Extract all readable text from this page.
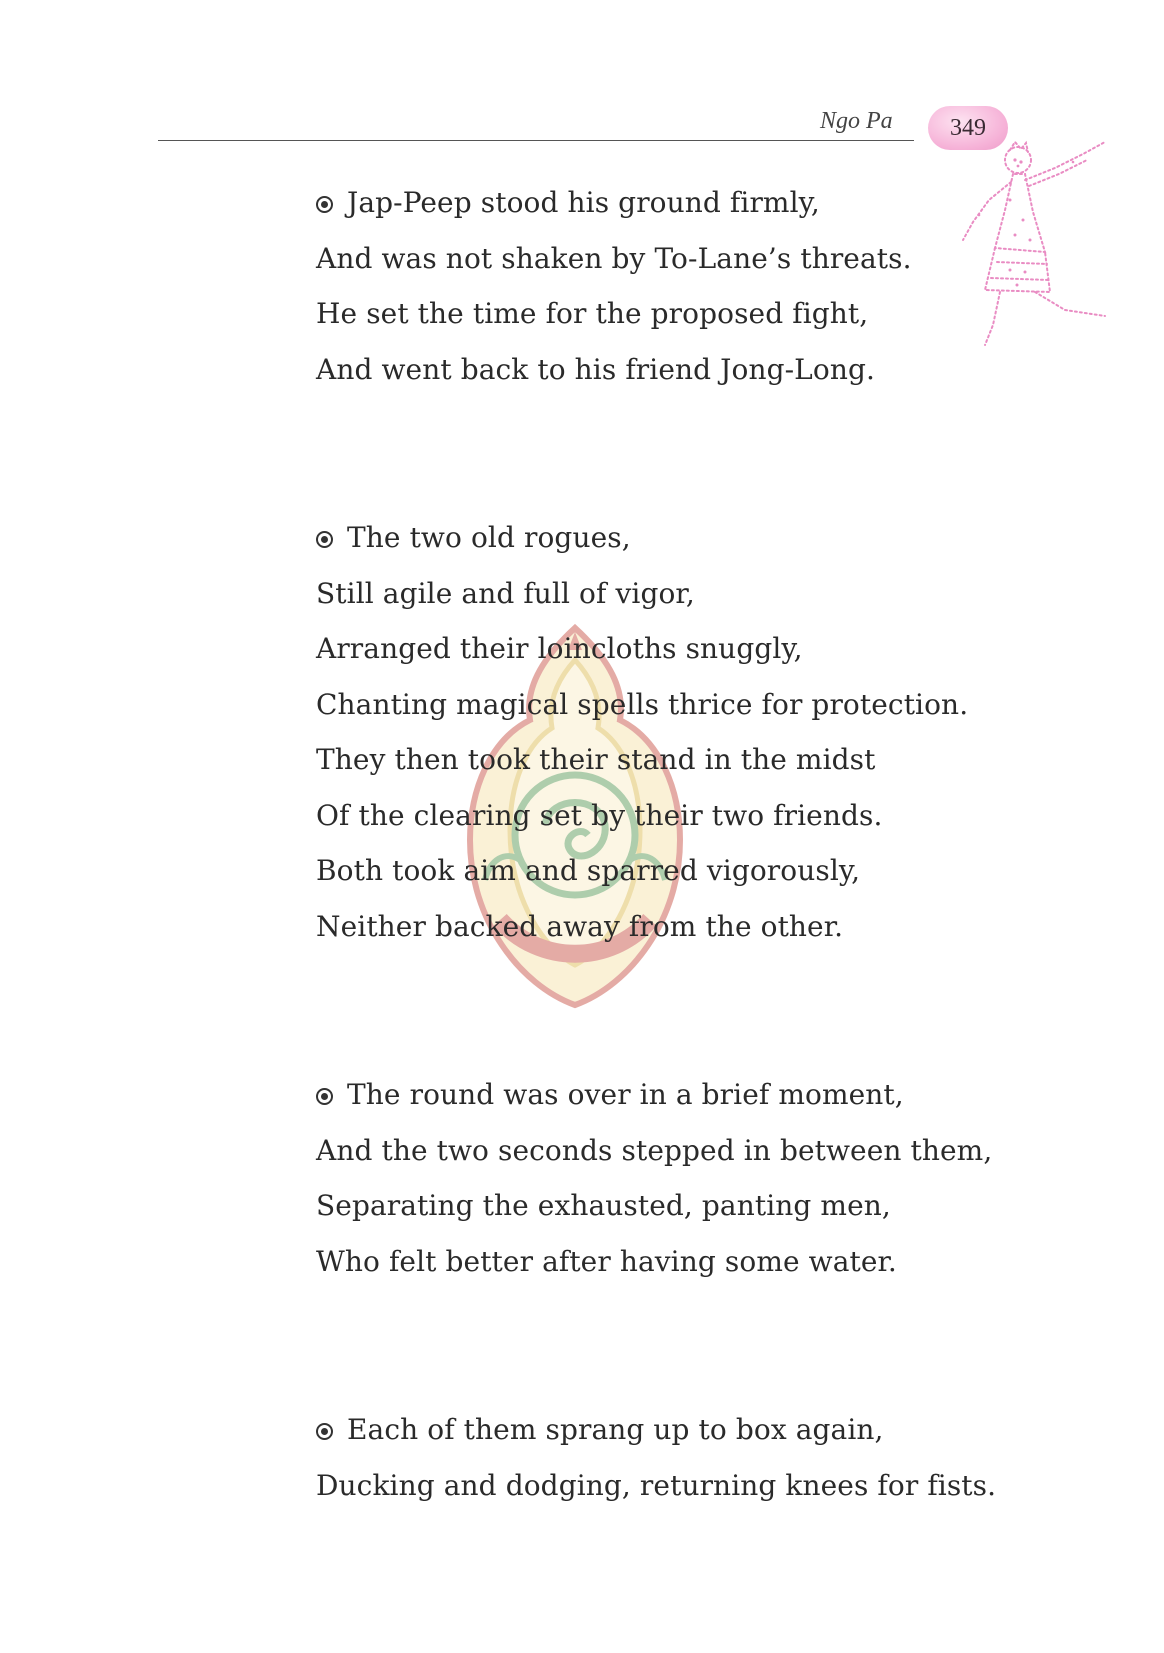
Ngo Pa 349
Jap-Peep stood his ground firmly,
And was not shaken by To-Lane’s threats.
He set the time for the proposed fight,
And went back to his friend Jong-Long.
The two old rogues,
Still agile and full of vigor,
Arranged their loincloths snuggly,
Chanting magical spells thrice for protection.
They then took their stand in the midst
Of the clearing set by their two friends.
Both took aim and sparred vigorously,
Neither backed away from the other.
The round was over in a brief moment,
And the two seconds stepped in between them,
Separating the exhausted, panting men,
Who felt better after having some water.
Each of them sprang up to box again,
Ducking and dodging, returning knees for fists.
